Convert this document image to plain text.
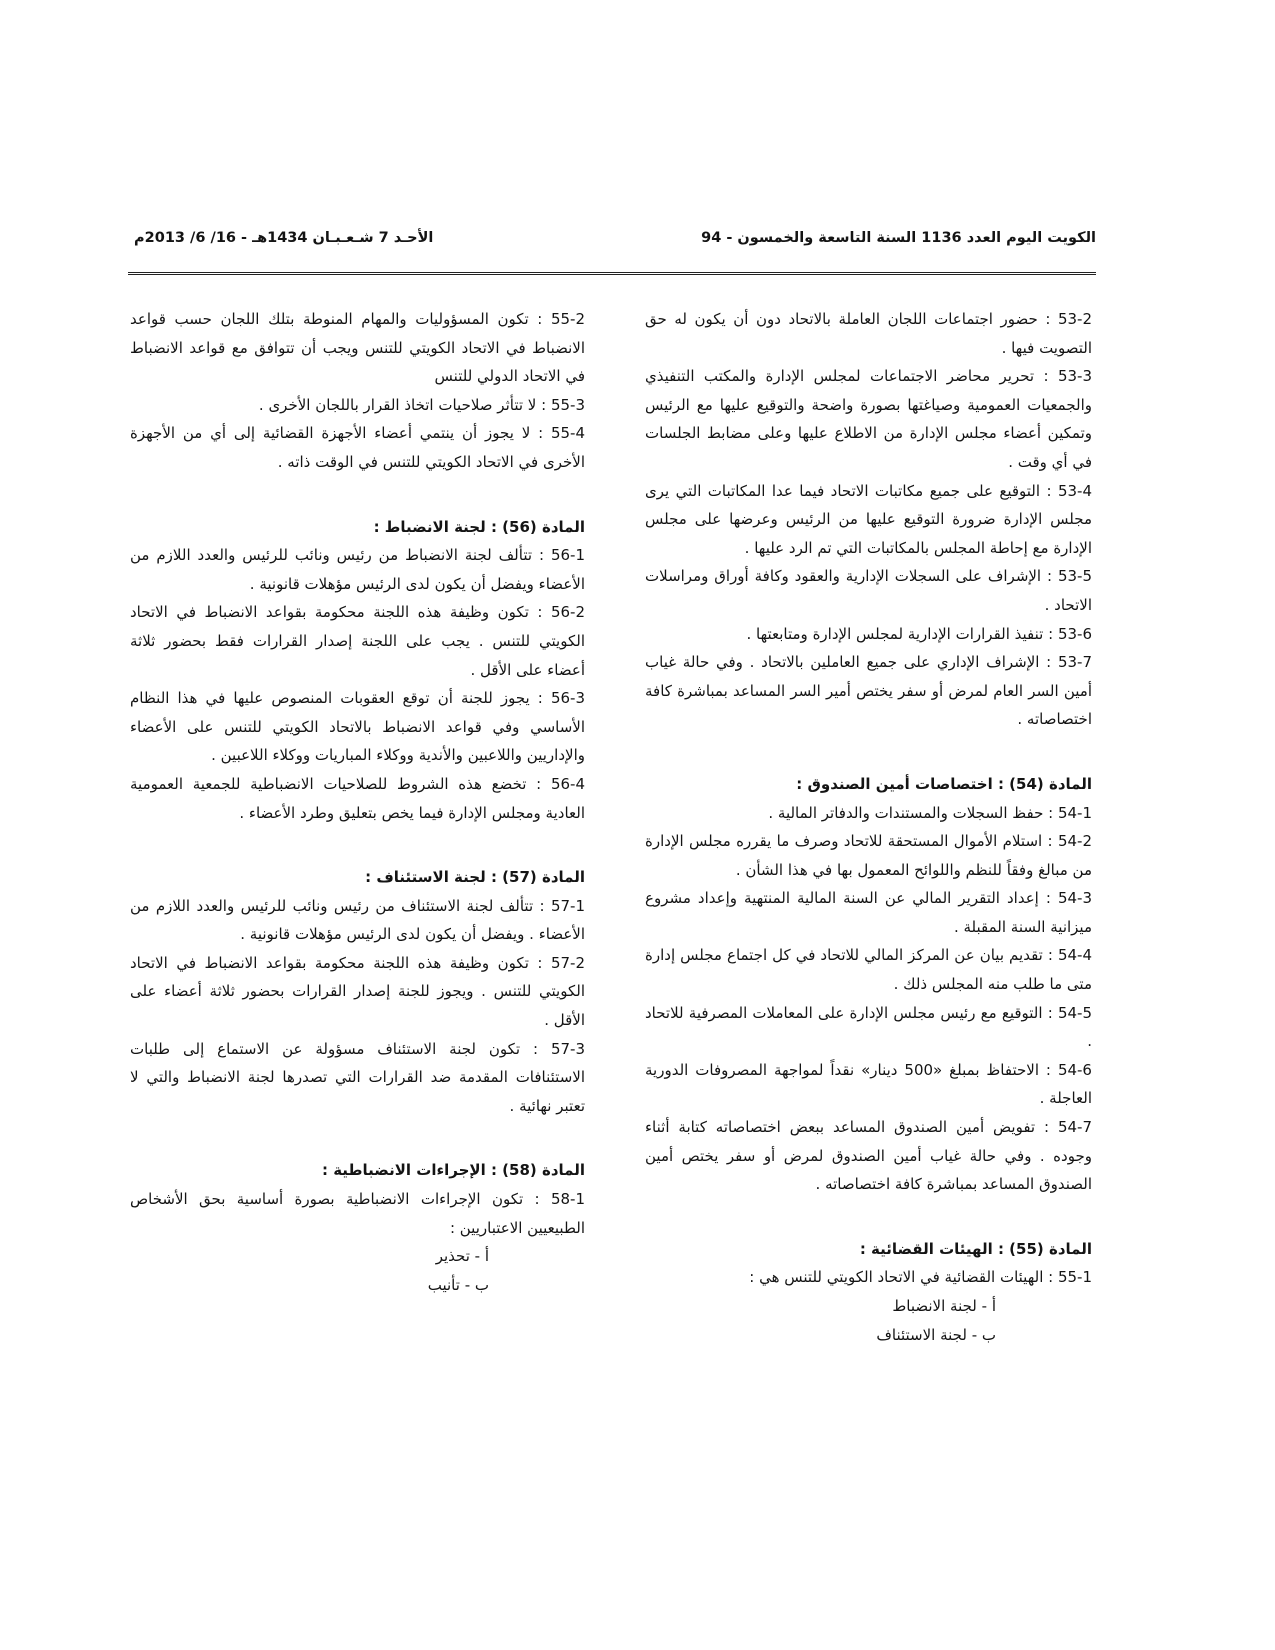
الكويت اليوم العدد 1136 السنة التاسعة والخمسون - 94
الأحـد 7 شـعـبـان 1434هـ - 16/ 6/ 2013م

53-2 : حضور اجتماعات اللجان العاملة بالاتحاد دون أن يكون له حق التصويت فيها .

53-3 : تحرير محاضر الاجتماعات لمجلس الإدارة والمكتب التنفيذي والجمعيات العمومية وصياغتها بصورة واضحة والتوقيع عليها مع الرئيس وتمكين أعضاء مجلس الإدارة من الاطلاع عليها وعلى مضابط الجلسات في أي وقت .

53-4 : التوقيع على جميع مكاتبات الاتحاد فيما عدا المكاتبات التي يرى مجلس الإدارة ضرورة التوقيع عليها من الرئيس وعرضها على مجلس الإدارة مع إحاطة المجلس بالمكاتبات التي تم الرد عليها .

53-5 : الإشراف على السجلات الإدارية والعقود وكافة أوراق ومراسلات الاتحاد .

53-6 : تنفيذ القرارات الإدارية لمجلس الإدارة ومتابعتها .

53-7 : الإشراف الإداري على جميع العاملين بالاتحاد . وفي حالة غياب أمين السر العام لمرض أو سفر يختص أمير السر المساعد بمباشرة كافة اختصاصاته .

المادة (54) : اختصاصات أمين الصندوق :

54-1 : حفظ السجلات والمستندات والدفاتر المالية .

54-2 : استلام الأموال المستحقة للاتحاد وصرف ما يقرره مجلس الإدارة من مبالغ وفقاً للنظم واللوائح المعمول بها في هذا الشأن .

54-3 : إعداد التقرير المالي عن السنة المالية المنتهية وإعداد مشروع ميزانية السنة المقبلة .

54-4 : تقديم بيان عن المركز المالي للاتحاد في كل اجتماع مجلس إدارة متى ما طلب منه المجلس ذلك .

54-5 : التوقيع مع رئيس مجلس الإدارة على المعاملات المصرفية للاتحاد .

54-6 : الاحتفاظ بمبلغ «500 دينار» نقداً لمواجهة المصروفات الدورية العاجلة .

54-7 : تفويض أمين الصندوق المساعد ببعض اختصاصاته كتابة أثناء وجوده . وفي حالة غياب أمين الصندوق لمرض أو سفر يختص أمين الصندوق المساعد بمباشرة كافة اختصاصاته .

المادة (55) : الهيئات القضائية :

55-1 : الهيئات القضائية في الاتحاد الكويتي للتنس هي :

أ - لجنة الانضباط

ب - لجنة الاستئناف

55-2 : تكون المسؤوليات والمهام المنوطة بتلك اللجان حسب قواعد الانضباط في الاتحاد الكويتي للتنس ويجب أن تتوافق مع قواعد الانضباط في الاتحاد الدولي للتنس

55-3 : لا تتأثر صلاحيات اتخاذ القرار باللجان الأخرى .

55-4 : لا يجوز أن ينتمي أعضاء الأجهزة القضائية إلى أي من الأجهزة الأخرى في الاتحاد الكويتي للتنس في الوقت ذاته .

المادة (56) : لجنة الانضباط :

56-1 : تتألف لجنة الانضباط من رئيس ونائب للرئيس والعدد اللازم من الأعضاء ويفضل أن يكون لدى الرئيس مؤهلات قانونية .

56-2 : تكون وظيفة هذه اللجنة محكومة بقواعد الانضباط في الاتحاد الكويتي للتنس . يجب على اللجنة إصدار القرارات فقط بحضور ثلاثة أعضاء على الأقل .

56-3 : يجوز للجنة أن توقع العقوبات المنصوص عليها في هذا النظام الأساسي وفي قواعد الانضباط بالاتحاد الكويتي للتنس على الأعضاء والإداريين واللاعبين والأندية ووكلاء المباريات ووكلاء اللاعبين .

56-4 : تخضع هذه الشروط للصلاحيات الانضباطية للجمعية العمومية العادية ومجلس الإدارة فيما يخص بتعليق وطرد الأعضاء .

المادة (57) : لجنة الاستئناف :

57-1 : تتألف لجنة الاستئناف من رئيس ونائب للرئيس والعدد اللازم من الأعضاء . ويفضل أن يكون لدى الرئيس مؤهلات قانونية .

57-2 : تكون وظيفة هذه اللجنة محكومة بقواعد الانضباط في الاتحاد الكويتي للتنس . ويجوز للجنة إصدار القرارات بحضور ثلاثة أعضاء على الأقل .

57-3 : تكون لجنة الاستئناف مسؤولة عن الاستماع إلى طلبات الاستئنافات المقدمة ضد القرارات التي تصدرها لجنة الانضباط والتي لا تعتبر نهائية .

المادة (58) : الإجراءات الانضباطية :

58-1 : تكون الإجراءات الانضباطية بصورة أساسية بحق الأشخاص الطبيعيين الاعتباريين :

أ - تحذير

ب - تأنيب
